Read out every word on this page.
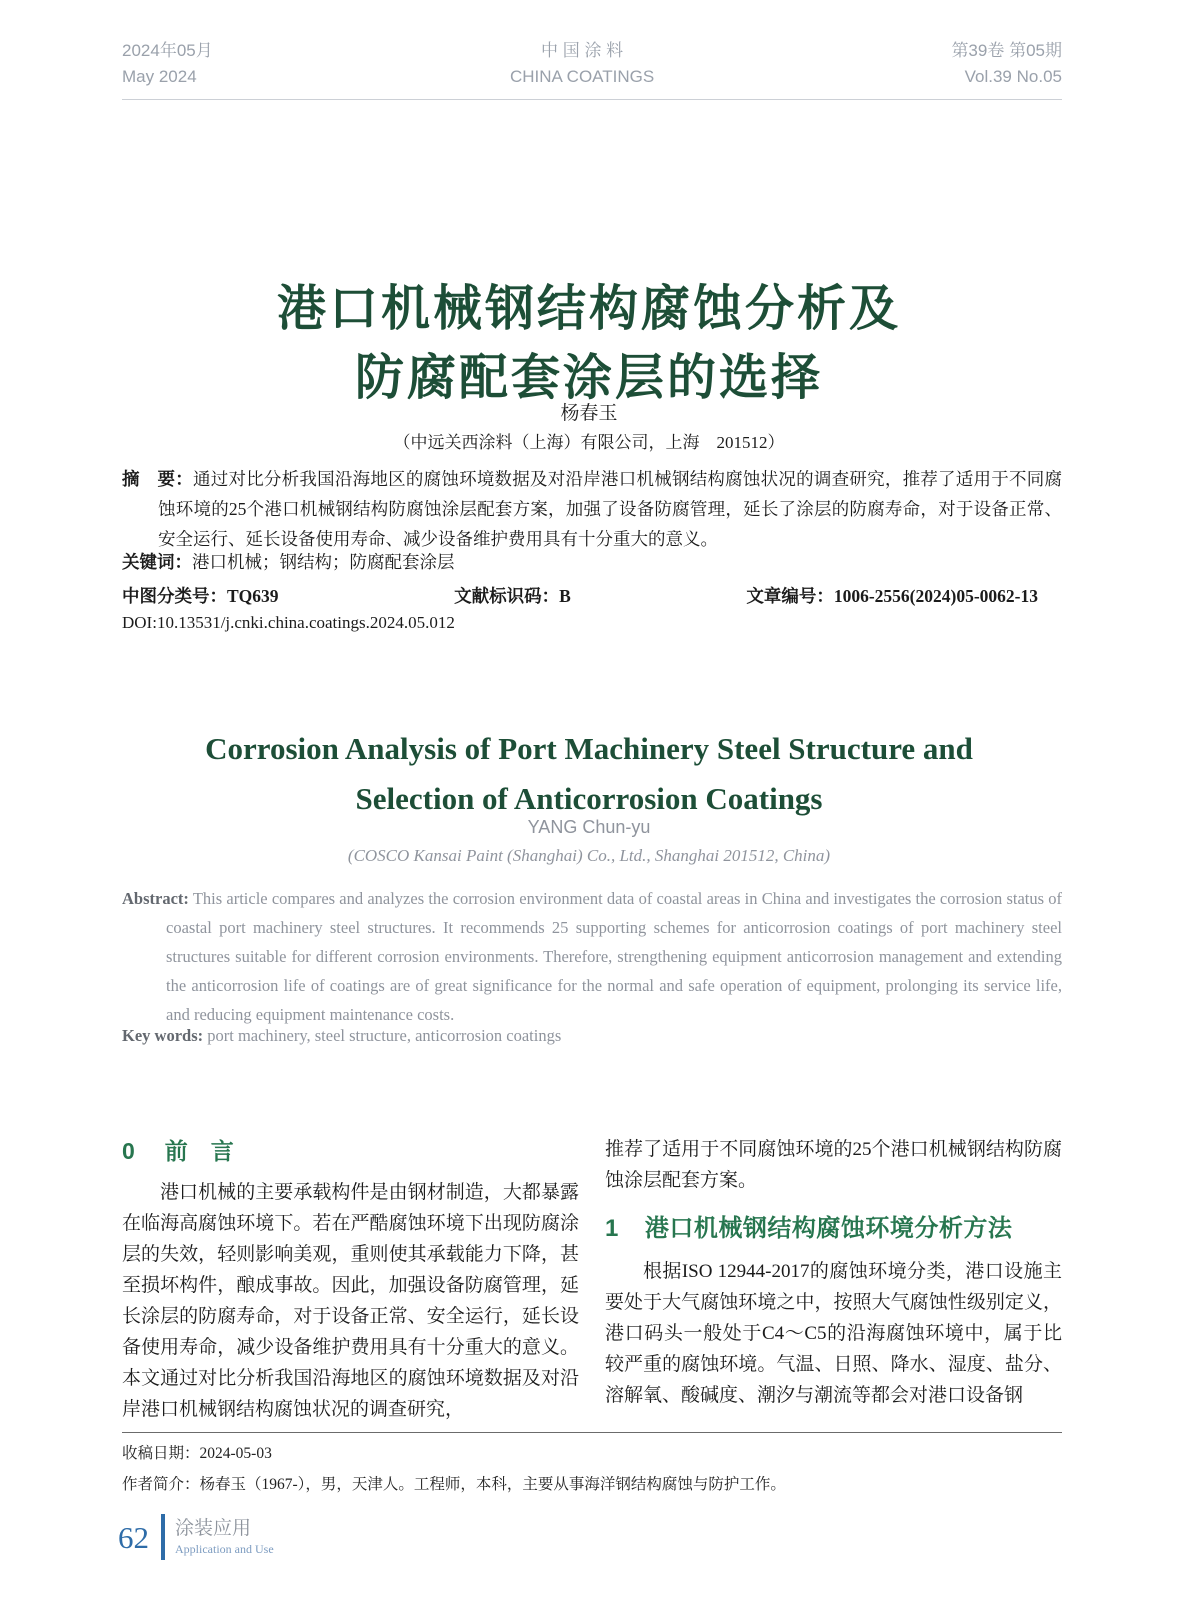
2024年05月
May 2024
中 国 涂 料
CHINA COATINGS
第39卷 第05期
Vol.39 No.05
港口机械钢结构腐蚀分析及
防腐配套涂层的选择
杨春玉
（中远关西涂料（上海）有限公司，上海　201512）

摘　要：通过对比分析我国沿海地区的腐蚀环境数据及对沿岸港口机械钢结构腐蚀状况的调查研究，推荐了适用于不同腐蚀环境的25个港口机械钢结构防腐蚀涂层配套方案，加强了设备防腐管理，延长了涂层的防腐寿命，对于设备正常、安全运行、延长设备使用寿命、减少设备维护费用具有十分重大的意义。

关键词：港口机械；钢结构；防腐配套涂层

中图分类号：TQ639	文献标识码：B	文章编号：1006-2556(2024)05-0062-13
DOI:10.13531/j.cnki.china.coatings.2024.05.012
Corrosion Analysis of Port Machinery Steel Structure and
Selection of Anticorrosion Coatings
YANG Chun-yu
(COSCO Kansai Paint (Shanghai) Co., Ltd., Shanghai 201512, China)

Abstract: This article compares and analyzes the corrosion environment data of coastal areas in China and investigates the corrosion status of coastal port machinery steel structures. It recommends 25 supporting schemes for anticorrosion coatings of port machinery steel structures suitable for different corrosion environments. Therefore, strengthening equipment anticorrosion management and extending the anticorrosion life of coatings are of great significance for the normal and safe operation of equipment, prolonging its service life, and reducing equipment maintenance costs.

Key words: port machinery, steel structure, anticorrosion coatings

0 前　言

港口机械的主要承载构件是由钢材制造，大都暴露在临海高腐蚀环境下。若在严酷腐蚀环境下出现防腐涂层的失效，轻则影响美观，重则使其承载能力下降，甚至损坏构件，酿成事故。因此，加强设备防腐管理，延长涂层的防腐寿命，对于设备正常、安全运行，延长设备使用寿命，减少设备维护费用具有十分重大的意义。本文通过对比分析我国沿海地区的腐蚀环境数据及对沿岸港口机械钢结构腐蚀状况的调查研究，

推荐了适用于不同腐蚀环境的25个港口机械钢结构防腐蚀涂层配套方案。

1 港口机械钢结构腐蚀环境分析方法

根据ISO 12944-2017的腐蚀环境分类，港口设施主要处于大气腐蚀环境之中，按照大气腐蚀性级别定义，港口码头一般处于C4～C5的沿海腐蚀环境中，属于比较严重的腐蚀环境。气温、日照、降水、湿度、盐分、溶解氧、酸碱度、潮汐与潮流等都会对港口设备钢

收稿日期：2024-05-03

作者简介：杨春玉（1967-），男，天津人。工程师，本科，主要从事海洋钢结构腐蚀与防护工作。

62 涂装应用
Application and Use
